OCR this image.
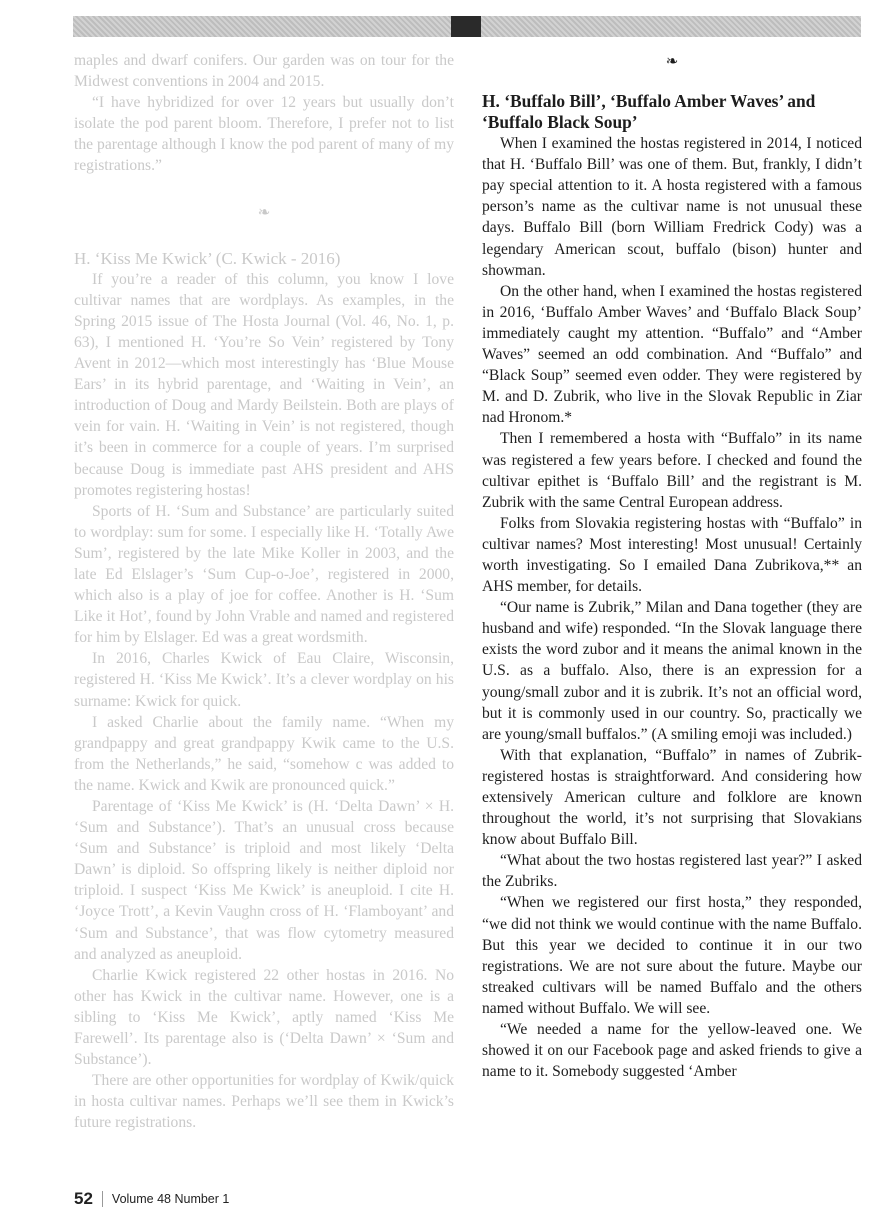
maples and dwarf conifers. Our garden was on tour for the Midwest conventions in 2004 and 2015.

“I have hybridized for over 12 years but usually don’t isolate the pod parent bloom. Therefore, I prefer not to list the parentage although I know the pod parent of many of my registrations.”

❧
H. ‘Kiss Me Kwick’ (C. Kwick - 2016)

If you’re a reader of this column, you know I love cultivar names that are wordplays. As examples, in the Spring 2015 issue of The Hosta Journal (Vol. 46, No. 1, p. 63), I mentioned H. ‘You’re So Vein’ registered by Tony Avent in 2012—which most interestingly has ‘Blue Mouse Ears’ in its hybrid parentage, and ‘Waiting in Vein’, an introduction of Doug and Mardy Beilstein. Both are plays of vein for vain. H. ‘Waiting in Vein’ is not registered, though it’s been in commerce for a couple of years. I’m surprised because Doug is immediate past AHS president and AHS promotes registering hostas!

Sports of H. ‘Sum and Substance’ are particularly suited to wordplay: sum for some. I especially like H. ‘Totally Awe Sum’, registered by the late Mike Koller in 2003, and the late Ed Elslager’s ‘Sum Cup-o-Joe’, registered in 2000, which also is a play of joe for coffee. Another is H. ‘Sum Like it Hot’, found by John Vrable and named and registered for him by Elslager. Ed was a great wordsmith.

In 2016, Charles Kwick of Eau Claire, Wisconsin, registered H. ‘Kiss Me Kwick’. It’s a clever wordplay on his surname: Kwick for quick.

I asked Charlie about the family name. “When my grandpappy and great grandpappy Kwik came to the U.S. from the Netherlands,” he said, “somehow c was added to the name. Kwick and Kwik are pronounced quick.”

Parentage of ‘Kiss Me Kwick’ is (H. ‘Delta Dawn’ × H. ‘Sum and Substance’). That’s an unusual cross because ‘Sum and Substance’ is triploid and most likely ‘Delta Dawn’ is diploid. So offspring likely is neither diploid nor triploid. I suspect ‘Kiss Me Kwick’ is aneuploid. I cite H. ‘Joyce Trott’, a Kevin Vaughn cross of H. ‘Flamboyant’ and ‘Sum and Substance’, that was flow cytometry measured and analyzed as aneuploid.

Charlie Kwick registered 22 other hostas in 2016. No other has Kwick in the cultivar name. However, one is a sibling to ‘Kiss Me Kwick’, aptly named ‘Kiss Me Farewell’. Its parentage also is (‘Delta Dawn’ × ‘Sum and Substance’).

There are other opportunities for wordplay of Kwik/quick in hosta cultivar names. Perhaps we’ll see them in Kwick’s future registrations.

❧
H. ‘Buffalo Bill’, ‘Buffalo Amber Waves’ and ‘Buffalo Black Soup’

When I examined the hostas registered in 2014, I noticed that H. ‘Buffalo Bill’ was one of them. But, frankly, I didn’t pay special attention to it. A hosta registered with a famous person’s name as the cultivar name is not unusual these days. Buffalo Bill (born William Fredrick Cody) was a legendary American scout, buffalo (bison) hunter and showman.

On the other hand, when I examined the hostas registered in 2016, ‘Buffalo Amber Waves’ and ‘Buffalo Black Soup’ immediately caught my attention. “Buffalo” and “Amber Waves” seemed an odd combination. And “Buffalo” and “Black Soup” seemed even odder. They were registered by M. and D. Zubrik, who live in the Slovak Republic in Ziar nad Hronom.*

Then I remembered a hosta with “Buffalo” in its name was registered a few years before. I checked and found the cultivar epithet is ‘Buffalo Bill’ and the registrant is M. Zubrik with the same Central European address.

Folks from Slovakia registering hostas with “Buffalo” in cultivar names? Most interesting! Most unusual! Certainly worth investigating. So I emailed Dana Zubrikova,** an AHS member, for details.

“Our name is Zubrik,” Milan and Dana together (they are husband and wife) responded. “In the Slovak language there exists the word zubor and it means the animal known in the U.S. as a buffalo. Also, there is an expression for a young/small zubor and it is zubrik. It’s not an official word, but it is commonly used in our country. So, practically we are young/small buffalos.” (A smiling emoji was included.)

With that explanation, “Buffalo” in names of Zubrik-registered hostas is straightforward. And considering how extensively American culture and folklore are known throughout the world, it’s not surprising that Slovakians know about Buffalo Bill.

“What about the two hostas registered last year?” I asked the Zubriks.

“When we registered our first hosta,” they responded, “we did not think we would continue with the name Buffalo. But this year we decided to continue it in our two registrations. We are not sure about the future. Maybe our streaked cultivars will be named Buffalo and the others named without Buffalo. We will see.

“We needed a name for the yellow-leaved one. We showed it on our Facebook page and asked friends to give a name to it. Somebody suggested ‘Amber

52 Volume 48 Number 1
